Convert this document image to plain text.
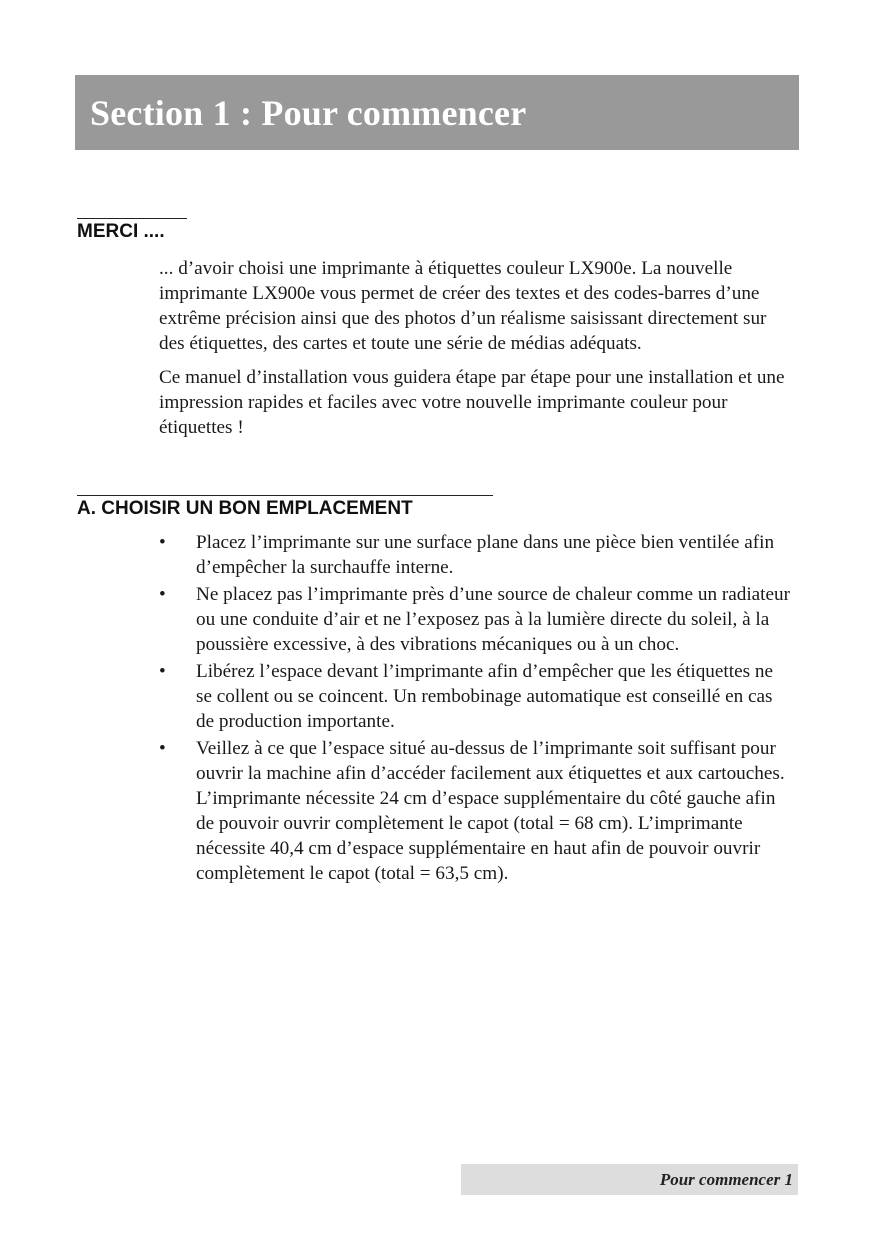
Section 1 : Pour commencer
MERCI ....

... d’avoir choisi une imprimante à étiquettes couleur LX900e. La nouvelle imprimante LX900e vous permet de créer des textes et des codes-barres d’une extrême précision ainsi que des photos d’un réalisme saisissant directement sur des étiquettes, des cartes et toute une série de médias adéquats.

Ce manuel d’installation vous guidera étape par étape pour une installation et une impression rapides et faciles avec votre nouvelle imprimante couleur pour étiquettes !

A. CHOISIR UN BON EMPLACEMENT
• Placez l’imprimante sur une surface plane dans une pièce bien ventilée afin d’empêcher la surchauffe interne.
• Ne placez pas l’imprimante près d’une source de chaleur comme un radiateur ou une conduite d’air et ne l’exposez pas à la lumière directe du soleil, à la poussière excessive, à des vibrations mécaniques ou à un choc.
• Libérez l’espace devant l’imprimante afin d’empêcher que les étiquettes ne se collent ou se coincent. Un rembobinage automatique est conseillé en cas de production importante.
• Veillez à ce que l’espace situé au-dessus de l’imprimante soit suffisant pour ouvrir la machine afin d’accéder facilement aux étiquettes et aux cartouches. L’imprimante nécessite 24 cm d’espace supplémentaire du côté gauche afin de pouvoir ouvrir complètement le capot (total = 68 cm). L’imprimante nécessite 40,4 cm d’espace supplémentaire en haut afin de pouvoir ouvrir complètement le capot (total = 63,5 cm).
Pour commencer 1
